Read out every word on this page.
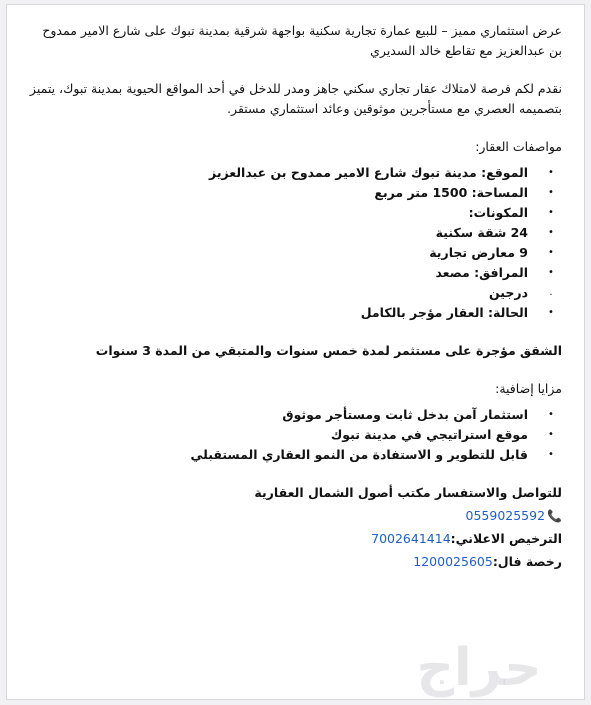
عرض استثماري مميز – للبيع عمارة تجارية سكنية بواجهة شرقية بمدينة تبوك على شارع الامير ممدوح بن عبدالعزيز مع تقاطع خالد السديري

نقدم لكم فرصة لامتلاك عقار تجاري سكني جاهز ومدر للدخل في أحد المواقع الحيوية بمدينة تبوك، يتميز بتصميمه العصري مع مستأجرين موثوقين وعائد استثماري مستقر.

مواصفات العقار:
•
الموقع: مدينة تبوك شارع الامير ممدوح بن عبدالعزيز
•
المساحة: 1500 متر مربع
•
المكونات:
•
24 شقة سكنية
•
9 معارض تجارية
•
المرافق: مصعد
.
درجين
•
الحالة: العقار مؤجر بالكامل

الشقق مؤجرة على مستثمر لمدة خمس سنوات والمتبقي من المدة 3 سنوات

مزايا إضافية:
•
استثمار آمن بدخل ثابت ومستأجر موثوق
•
موقع استراتيجي في مدينة تبوك
•
قابل للتطوير و الاستفادة من النمو العقاري المستقبلي
للتواصل والاستفسار مكتب أصول الشمال العقارية
📞0559025592
الترخيص الاعلاني:7002641414
رخصة فال:1200025605
حراج
